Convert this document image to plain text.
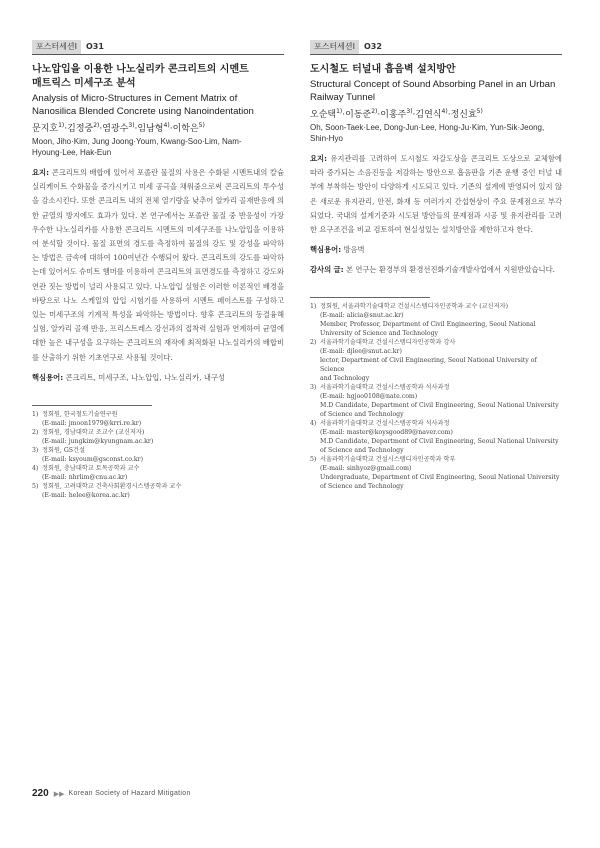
포스터세션Ⅰ	O31

나노압입을 이용한 나노실리카 콘크리트의 시멘트
매트릭스 미세구조 분석

Analysis of Micro-Structures in Cement Matrix of
Nanosilica Blended Concrete using Nanoindentation

문지호$^{1)}$·김정중$^{2)}$·염광수$^{3)}$·임남형$^{4)}$·이학은$^{5)}$
Moon, Jiho·Kim, Jung Joong·Youm, Kwang-Soo·Lim, Nam-Hyoung·Lee, Hak-Eun
요지: 콘크리트의 배합에 있어서 포졸란 물질의 사용은 수화된 시멘트내의 칼슘 실리케이트 수화물을 증가시키고 미세 공극을 채워줌으로써 콘크리트의 투수성을 감소시킨다. 또한 콘크리트 내의 전체 열기량을 낮추어 알카리 골재반응에 의한 균열의 방지에도 효과가 있다. 본 연구에서는 포졸란 물질 중 반응성이 가장 우수한 나노실리카를 사용한 콘크리트 시멘트의 미세구조를 나노압입을 이용하여 분석할 것이다. 물질 표면의 경도를 측정하여 물질의 강도 및 강성을 파악하는 방법은 금속에 대하여 100여년간 수행되어 왔다. 콘크리트의 강도를 파악하는데 있어서도 슈미트 햄머를 이용하여 콘크리트의 표면경도를 측정하고 강도와 연관 짓는 방법이 널리 사용되고 있다. 나노압입 실험은 이러한 이론적인 배경을 바탕으로 나노 스케일의 압입 시험기를 사용하여 시멘트 페이스트를 구성하고 있는 미세구조의 기계적 특성을 파악하는 방법이다. 향후 콘크리트의 동결융해 실험, 알카리 골재 반응, 프리스트레스 강선과의 접착력 실험과 연계하여 균열에 대한 높은 내구성을 요구하는 콘크리트의 재작에 최적화된 나노실리카의 배합비를 산출하기 위한 기초연구로 사용될 것이다.
핵심용어: 콘크리트, 미세구조, 나노압입, 나노실리카, 내구성
1) 정회원, 한국철도기술연구원
(E-mail: jmoon1979@krri.re.kr)
2) 정회원, 경남대학교 조교수 (교신저자)
(E-mail: jungkim@kyungnam.ac.kr)
3) 정회원, GS건설
(E-mail: ksyoum@gsconst.co.kr)
4) 정회원, 충남대학교 토목공학과 교수
(E-mail: nhrlim@cnu.ac.kr)
5) 정회원, 고려대학교 건축사회환경시스템공학과 교수
(E-mail: helee@korea.ac.kr)
포스터세션Ⅰ	O32

도시철도 터널내 흡음벽 설치방안

Structural Concept of Sound Absorbing Panel in an Urban
Railway Tunnel

오순택$^{1)}$·이동준$^{2)}$·이홍주$^{3)}$·김연식$^{4)}$·정신효$^{5)}$
Oh, Soon-Taek·Lee, Dong-Jun·Lee, Hong-Ju·Kim, Yun-Sik·Jeong, Shin-Hyo
요지: 유지관리를 고려하여 도시철도 자갈도상을 콘크리트 도상으로 교체함에 따라 증가되는 소음진동을 저감하는 방안으로 흡음판을 기존 운행 중인 터널 내부에 부착하는 방안이 다양하게 시도되고 있다. 기존의 설계에 반영되어 있지 않은 새로운 유지관리, 안전, 화재 등 여러가지 간섭현상이 주요 문제점으로 부각되었다. 국내의 설계기준과 시도된 방안들의 문제점과 시공 및 유지관리를 고려한 요구조건을 비교 검토하여 현실성있는 설치방안을 제한하고자 한다.
핵심용어: 방음벽
감사의 글: 본 연구는 환경부의 환경선진화기술개발사업에서 지원받았습니다.
1) 정회원, 서울과학기술대학교 건설시스템디자인공학과 교수 (교신저자)
(E-mail: alicia@snut.ac.kr)
Member, Professor, Department of Civil Engineering, Seoul National
University of Science and Technology
2) 서울과학기술대학교 건설시스템디자인공학과 강사
(E-mail: djlee@snut.ac.kr)
lector, Department of Civil Engineering, Seoul National University of Science
and Technology
3) 서울과학기술대학교 건설시스템공학과 석사과정
(E-mail: hgjoo0108@nate.com)
M.D Candidate, Department of Civil Engineering, Seoul National University
of Science and Technology
4) 서울과학기술대학교 건설시스템공학과 석사과정
(E-mail: master@koysgood89@naver.com)
M.D Candidate, Department of Civil Engineering, Seoul National University
of Science and Technology
5) 서울과학기술대학교 건설시스템디자인공학과 학부
(E-mail: sinhyoz@gmail.com)
Undergraduate, Department of Civil Engineering, Seoul National University
of Science and Technology
220 ▶▶ Korean Society of Hazard Mitigation
